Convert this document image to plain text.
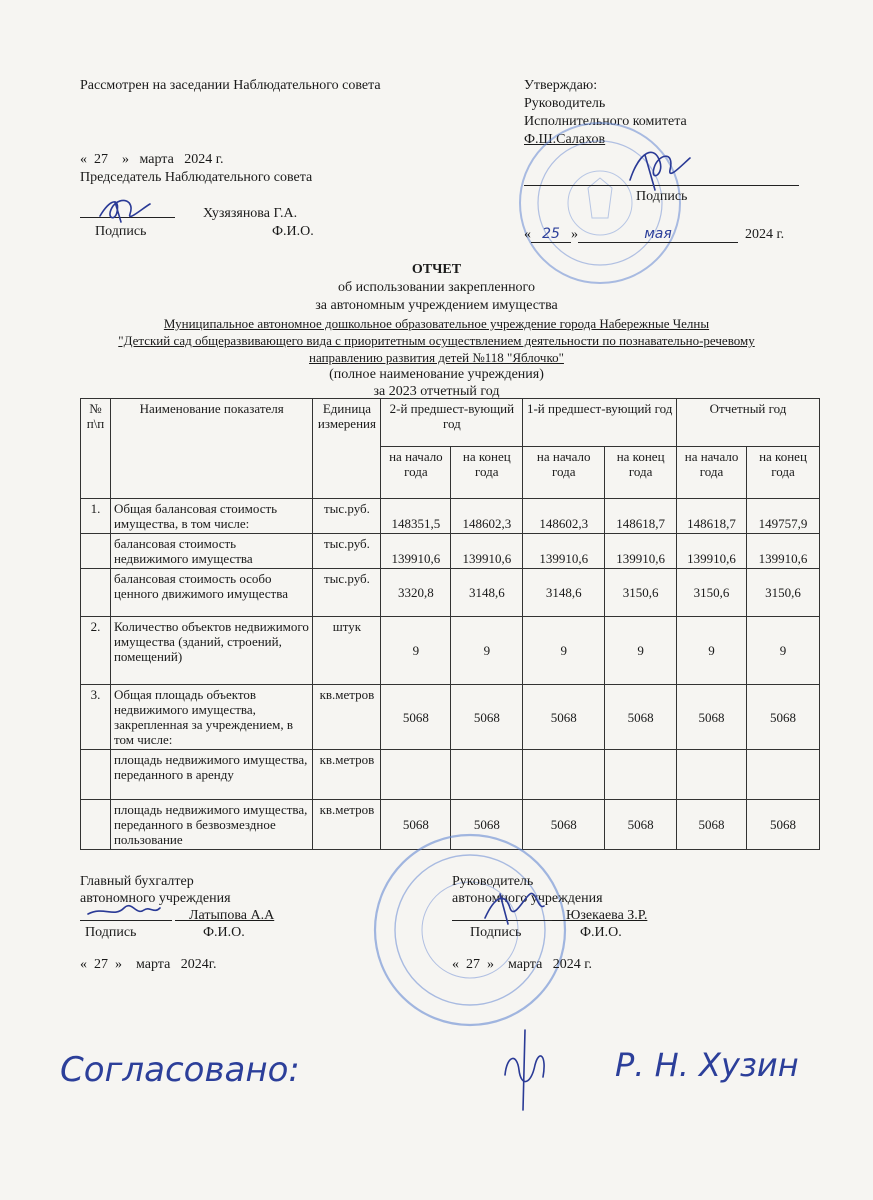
Рассмотрен на заседании Наблюдательного совета
«  27    »   марта 2024 г.
Председатель Наблюдательного совета
Хузязянова Г.А.
Подпись	Ф.И.О.
Утверждаю:
Руководитель
Исполнительного комитета
Ф.Ш.Салахов
Подпись
« 25 »	мая	2024 г.
ОТЧЕТ
об использовании закрепленного
за автономным учреждением имущества
Муниципальное автономное дошкольное образовательное учреждение города Набережные Челны
"Детский сад общеразвивающего вида с приоритетным осуществлением деятельности по познавательно-речевому
направлению развития детей №118 "Яблочко"
(полное наименование учреждения)
за 2023 отчетный год
№ п\п	Наименование показателя	Единица измерения	2-й предшест-вующий год		1-й предшест-вующий год		Отчетный год	
			на начало года	на конец года	на начало года	на конец года	на начало года	на конец года
1.	Общая балансовая стоимость имущества, в том числе:	тыс.руб.	148351,5	148602,3	148602,3	148618,7	148618,7	149757,9
	балансовая стоимость недвижимого имущества	тыс.руб.	139910,6	139910,6	139910,6	139910,6	139910,6	139910,6
	балансовая стоимость особо ценного движимого имущества	тыс.руб.	3320,8	3148,6	3148,6	3150,6	3150,6	3150,6
2.	Количество объектов недвижимого имущества (зданий, строений, помещений)	штук	9	9	9	9	9	9
3.	Общая площадь объектов недвижимого имущества, закрепленная за учреждением, в том числе:	кв.метров	5068	5068	5068	5068	5068	5068
	площадь недвижимого имущества, переданного в аренду	кв.метров						
	площадь недвижимого имущества, переданного в безвозмездное пользование	кв.метров	5068	5068	5068	5068	5068	5068
Главный бухгалтер
автономного учреждения
Латыпова А.А
Подпись	Ф.И.О.
«  27  »    марта 2024г.
Руководитель
автономного учреждения
Юзекаева З.Р.
Подпись	Ф.И.О.
«  27  »    марта 2024 г.
Согласовано:	Р. Н. Хузин
